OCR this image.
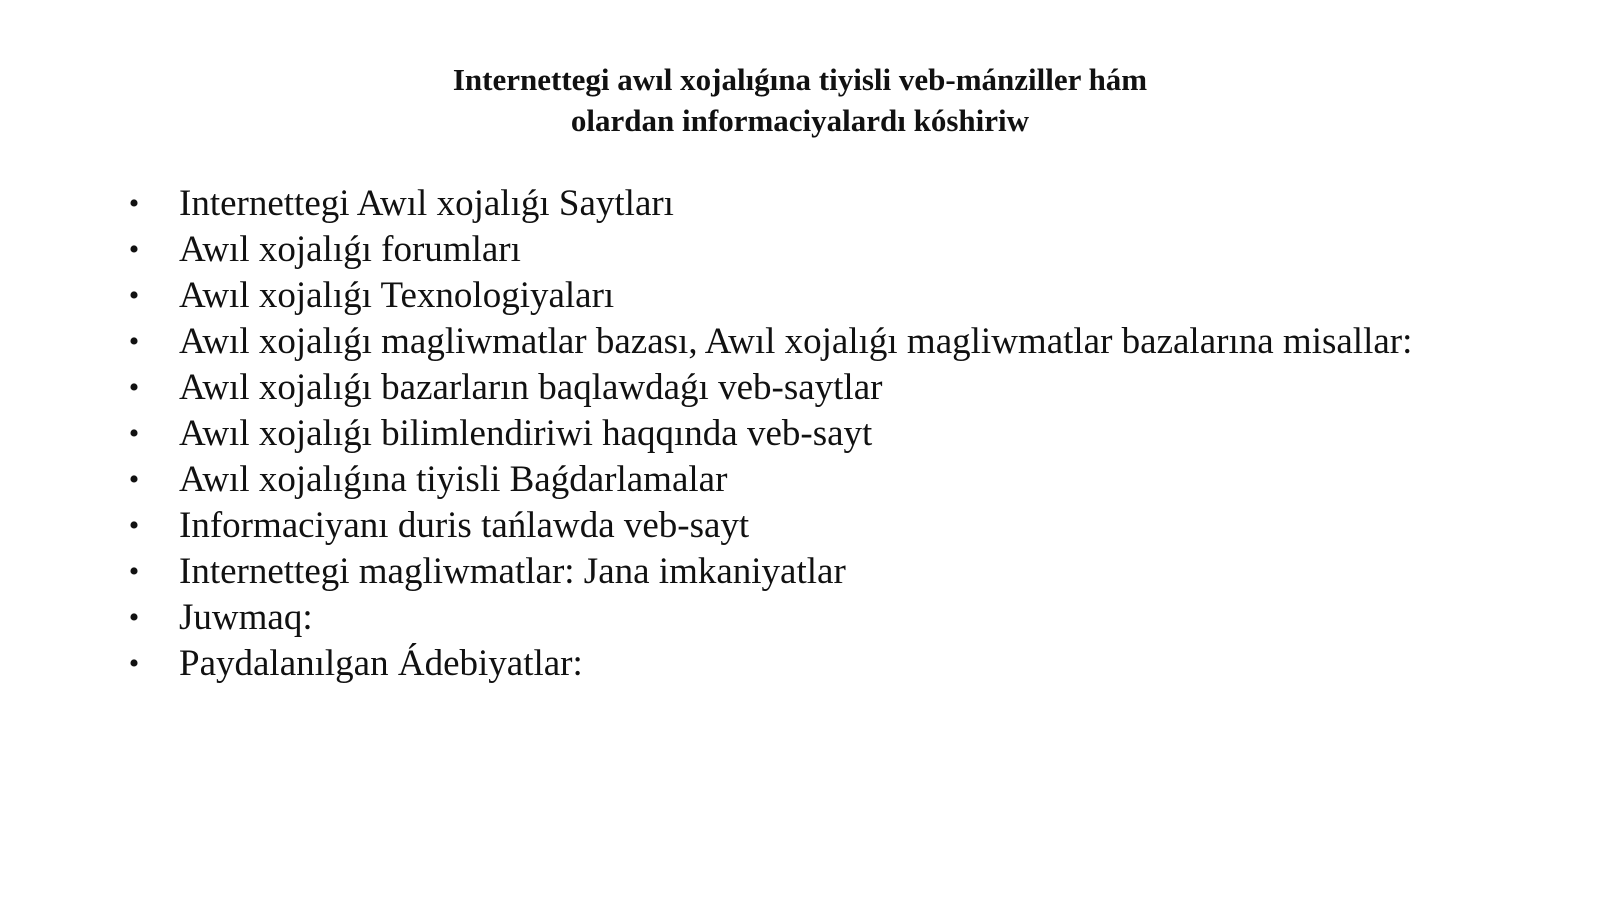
Internettegi awıl xojalıǵına tiyisli veb-mánziller hám
olardan informaciyalardı kóshiriw
• Internettegi Awıl xojalıǵı Saytları
• Awıl xojalıǵı forumları
• Awıl xojalıǵı Texnologiyaları
• Awıl xojalıǵı magliwmatlar bazası, Awıl xojalıǵı magliwmatlar bazalarına misallar:
• Awıl xojalıǵı bazarların baqlawdaǵı veb-saytlar
• Awıl xojalıǵı bilimlendiriwi haqqında veb-sayt
• Awıl xojalıǵına tiyisli Baǵdarlamalar
• Informaciyanı duris tańlawda veb-sayt
• Internettegi magliwmatlar: Jana imkaniyatlar
• Juwmaq:
• Paydalanılgan Ádebiyatlar:
